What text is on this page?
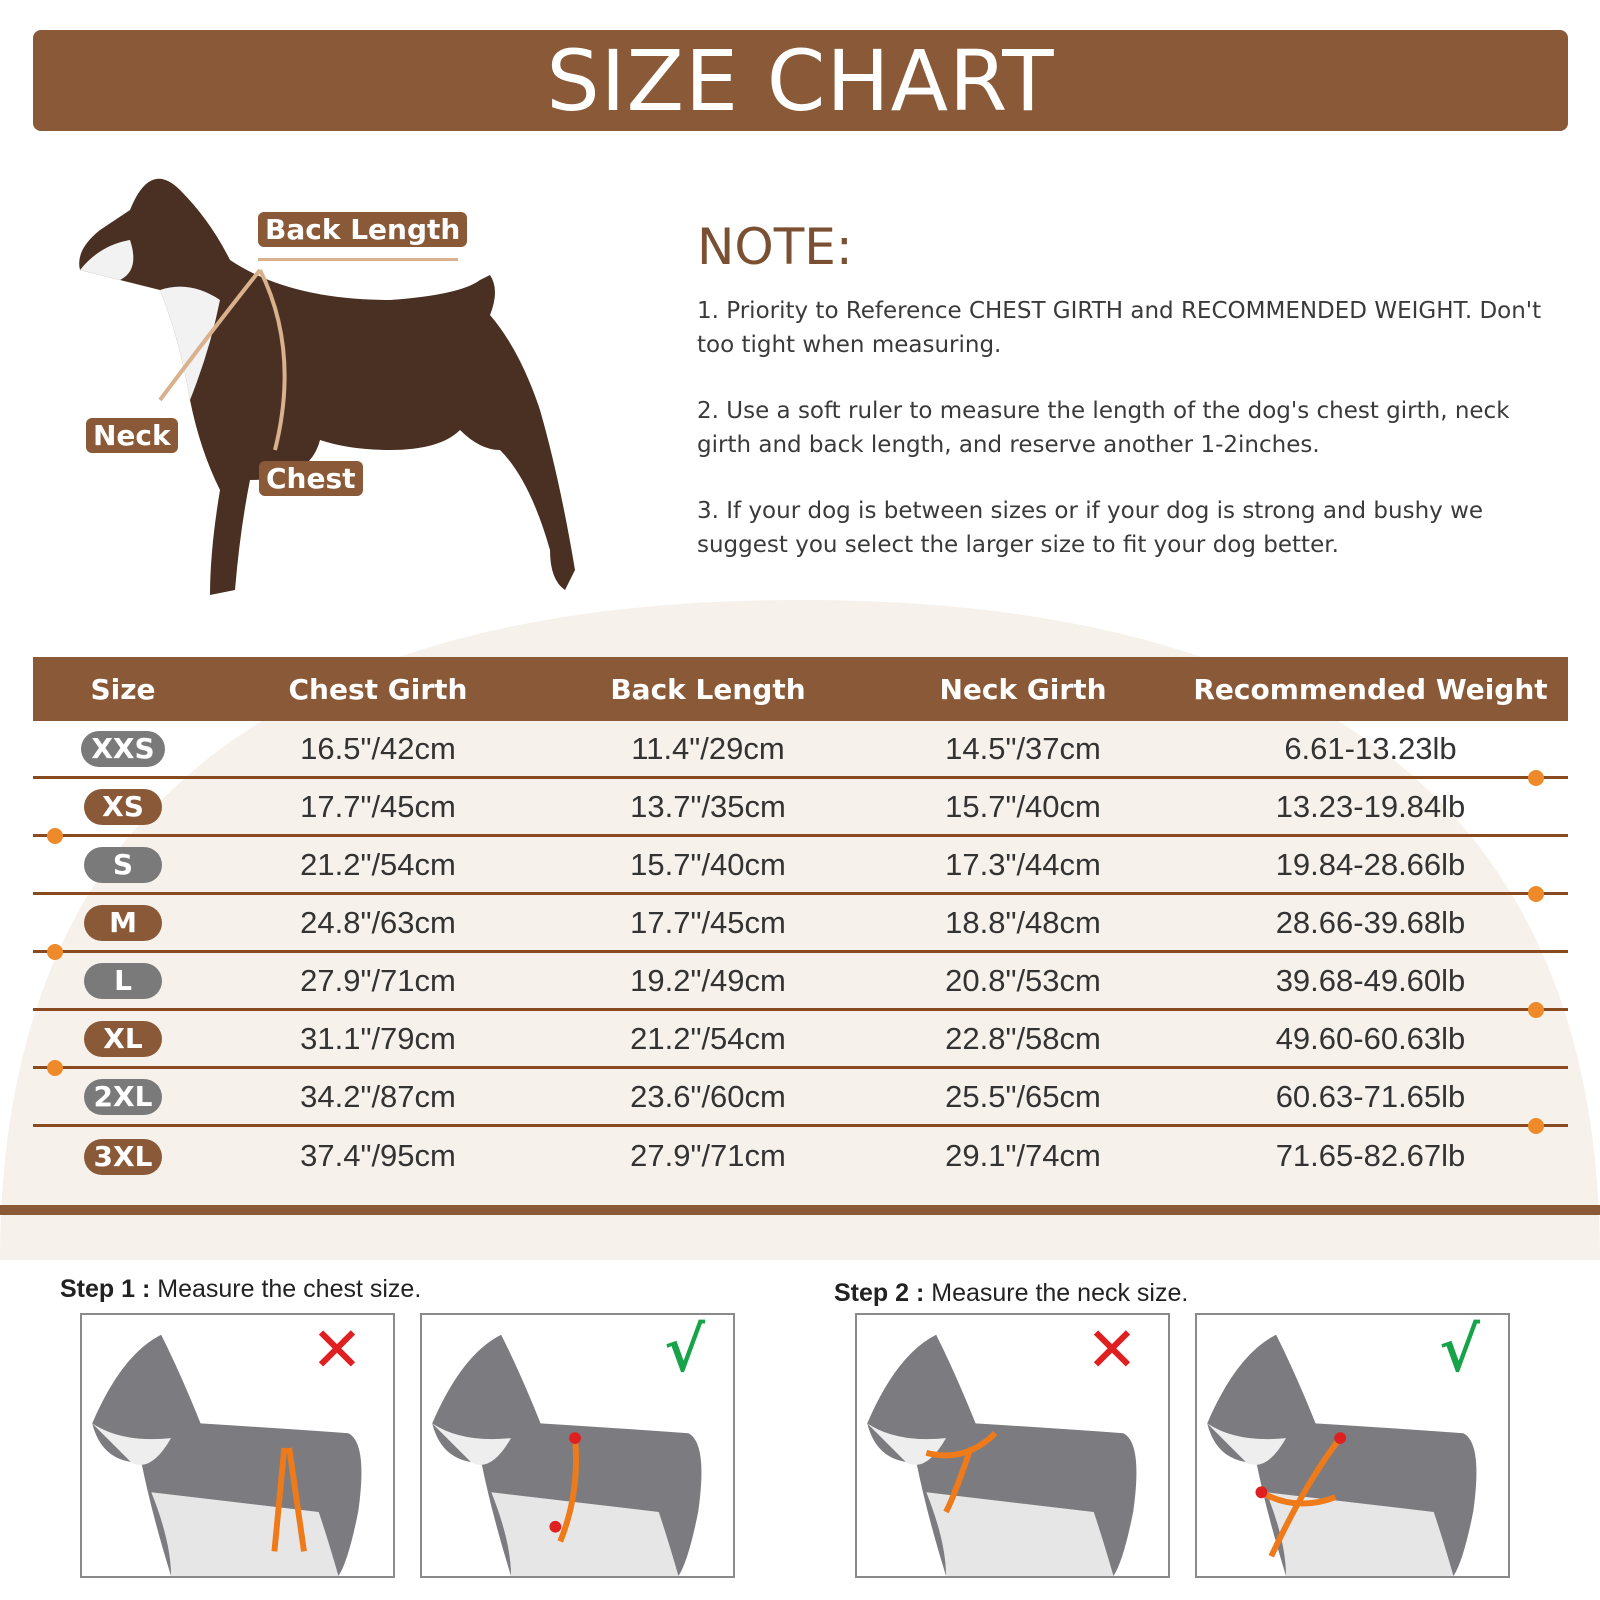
SIZE CHART
Back Length
Neck
Chest
NOTE:

1. Priority to Reference CHEST GIRTH and RECOMMENDED WEIGHT. Don't too tight when measuring.

2. Use a soft ruler to measure the length of the dog's chest girth, neck girth and back length, and reserve another 1-2inches.

3. If your dog is between sizes or if your dog is strong and bushy we suggest you select the larger size to fit your dog better.

Size	Chest Girth	Back Length	Neck Girth	Recommended Weight
XXS	16.5"/42cm	11.4"/29cm	14.5"/37cm	6.61-13.23lb
XS	17.7"/45cm	13.7"/35cm	15.7"/40cm	13.23-19.84lb
S	21.2"/54cm	15.7"/40cm	17.3"/44cm	19.84-28.66lb
M	24.8"/63cm	17.7"/45cm	18.8"/48cm	28.66-39.68lb
L	27.9"/71cm	19.2"/49cm	20.8"/53cm	39.68-49.60lb
XL	31.1"/79cm	21.2"/54cm	22.8"/58cm	49.60-60.63lb
2XL	34.2"/87cm	23.6"/60cm	25.5"/65cm	60.63-71.65lb
3XL	37.4"/95cm	27.9"/71cm	29.1"/74cm	71.65-82.67lb
Step 1 : Measure the chest size.	Step 2 : Measure the neck size.
✕	√	✕	√
